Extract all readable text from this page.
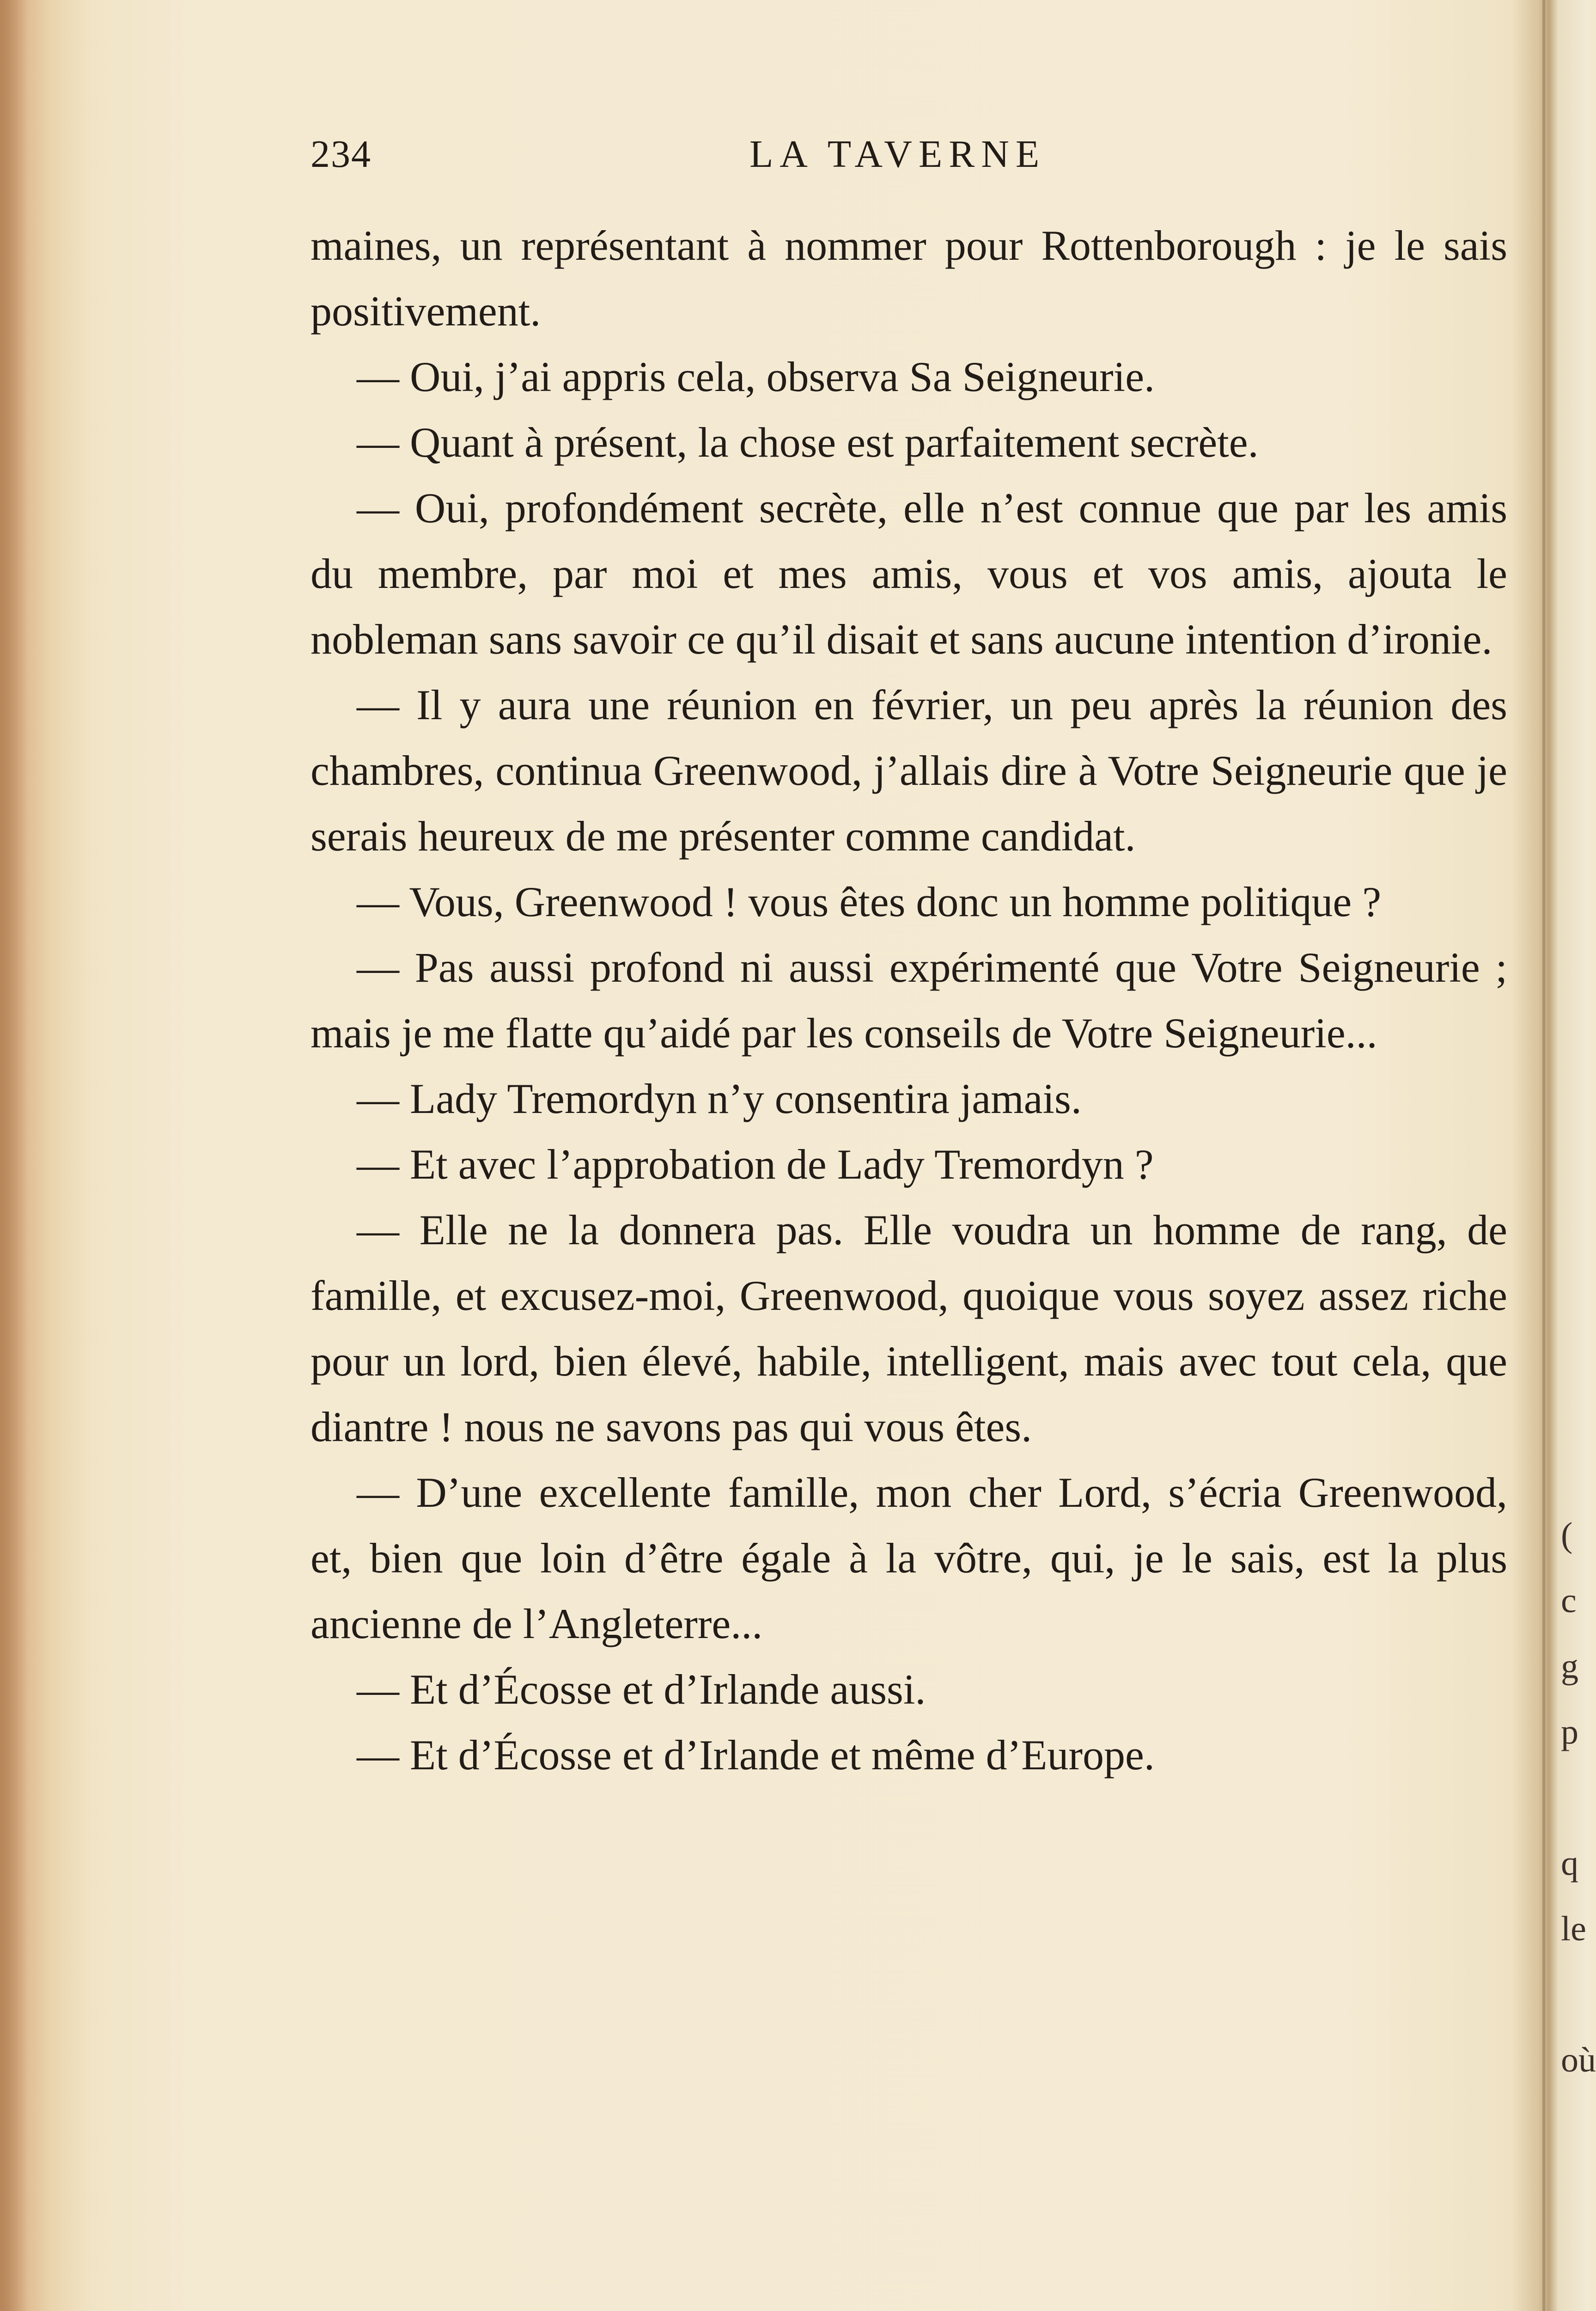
234	LA TAVERNE

maines, un représentant à nommer pour Rottenborough : je le sais positivement.

— Oui, j’ai appris cela, observa Sa Seigneurie.

— Quant à présent, la chose est parfaitement secrète.

— Oui, profondément secrète, elle n’est connue que par les amis du membre, par moi et mes amis, vous et vos amis, ajouta le nobleman sans savoir ce qu’il disait et sans aucune intention d’ironie.

— Il y aura une réunion en février, un peu après la réunion des chambres, continua Greenwood, j’allais dire à Votre Seigneurie que je serais heureux de me présenter comme candidat.

— Vous, Greenwood ! vous êtes donc un homme politique ?

— Pas aussi profond ni aussi expérimenté que Votre Seigneurie ; mais je me flatte qu’aidé par les conseils de Votre Seigneurie...

— Lady Tremordyn n’y consentira jamais.

— Et avec l’approbation de Lady Tremordyn ?

— Elle ne la donnera pas. Elle voudra un homme de rang, de famille, et excusez-moi, Greenwood, quoique vous soyez assez riche pour un lord, bien élevé, habile, intelligent, mais avec tout cela, que diantre ! nous ne savons pas qui vous êtes.

— D’une excellente famille, mon cher Lord, s’écria Greenwood, et, bien que loin d’être égale à la vôtre, qui, je le sais, est la plus ancienne de l’Angleterre...

— Et d’Écosse et d’Irlande aussi.

— Et d’Écosse et d’Irlande et même d’Europe.

(
c
g
p
q
le
où
